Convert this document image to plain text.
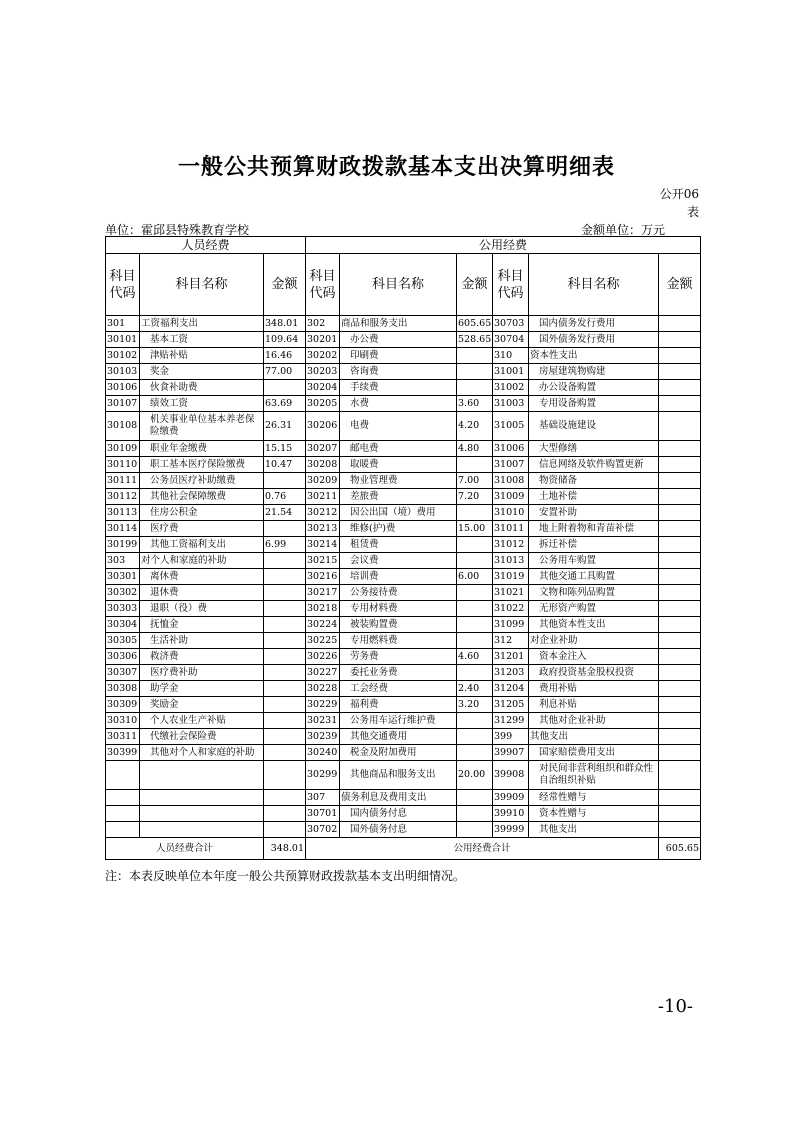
一般公共预算财政拨款基本支出决算明细表
公开06
表
单位：霍邱县特殊教育学校	金额单位：万元
人员经费			公用经费					
科目代码	科目名称	金额	科目代码	科目名称	金额	科目代码	科目名称	金额
301	工资福利支出	348.01	302	商品和服务支出	605.65	30703	国内债务发行费用	
30101	基本工资	109.64	30201	办公费	528.65	30704	国外债务发行费用	
30102	津贴补贴	16.46	30202	印刷费		310	资本性支出	
30103	奖金	77.00	30203	咨询费		31001	房屋建筑物购建	
30106	伙食补助费		30204	手续费		31002	办公设备购置	
30107	绩效工资	63.69	30205	水费	3.60	31003	专用设备购置	
30108	机关事业单位基本养老保险缴费	26.31	30206	电费	4.20	31005	基础设施建设	
30109	职业年金缴费	15.15	30207	邮电费	4.80	31006	大型修缮	
30110	职工基本医疗保险缴费	10.47	30208	取暖费		31007	信息网络及软件购置更新	
30111	公务员医疗补助缴费		30209	物业管理费	7.00	31008	物资储备	
30112	其他社会保障缴费	0.76	30211	差旅费	7.20	31009	土地补偿	
30113	住房公积金	21.54	30212	因公出国（境）费用		31010	安置补助	
30114	医疗费		30213	维修(护)费	15.00	31011	地上附着物和青苗补偿	
30199	其他工资福利支出	6.99	30214	租赁费		31012	拆迁补偿	
303	对个人和家庭的补助		30215	会议费		31013	公务用车购置	
30301	离休费		30216	培训费	6.00	31019	其他交通工具购置	
30302	退休费		30217	公务接待费		31021	文物和陈列品购置	
30303	退职（役）费		30218	专用材料费		31022	无形资产购置	
30304	抚恤金		30224	被装购置费		31099	其他资本性支出	
30305	生活补助		30225	专用燃料费		312	对企业补助	
30306	救济费		30226	劳务费	4.60	31201	资本金注入	
30307	医疗费补助		30227	委托业务费		31203	政府投资基金股权投资	
30308	助学金		30228	工会经费	2.40	31204	费用补贴	
30309	奖励金		30229	福利费	3.20	31205	利息补贴	
30310	个人农业生产补贴		30231	公务用车运行维护费		31299	其他对企业补助	
30311	代缴社会保险费		30239	其他交通费用		399	其他支出	
30399	其他对个人和家庭的补助		30240	税金及附加费用		39907	国家赔偿费用支出	
			30299	其他商品和服务支出	20.00	39908	对民间非营利组织和群众性自治组织补贴	
			307	债务利息及费用支出		39909	经常性赠与	
			30701	国内债务付息		39910	资本性赠与	
			30702	国外债务付息		39999	其他支出	
人员经费合计		348.01	公用经费合计					605.65
注：本表反映单位本年度一般公共预算财政拨款基本支出明细情况。
-10-
